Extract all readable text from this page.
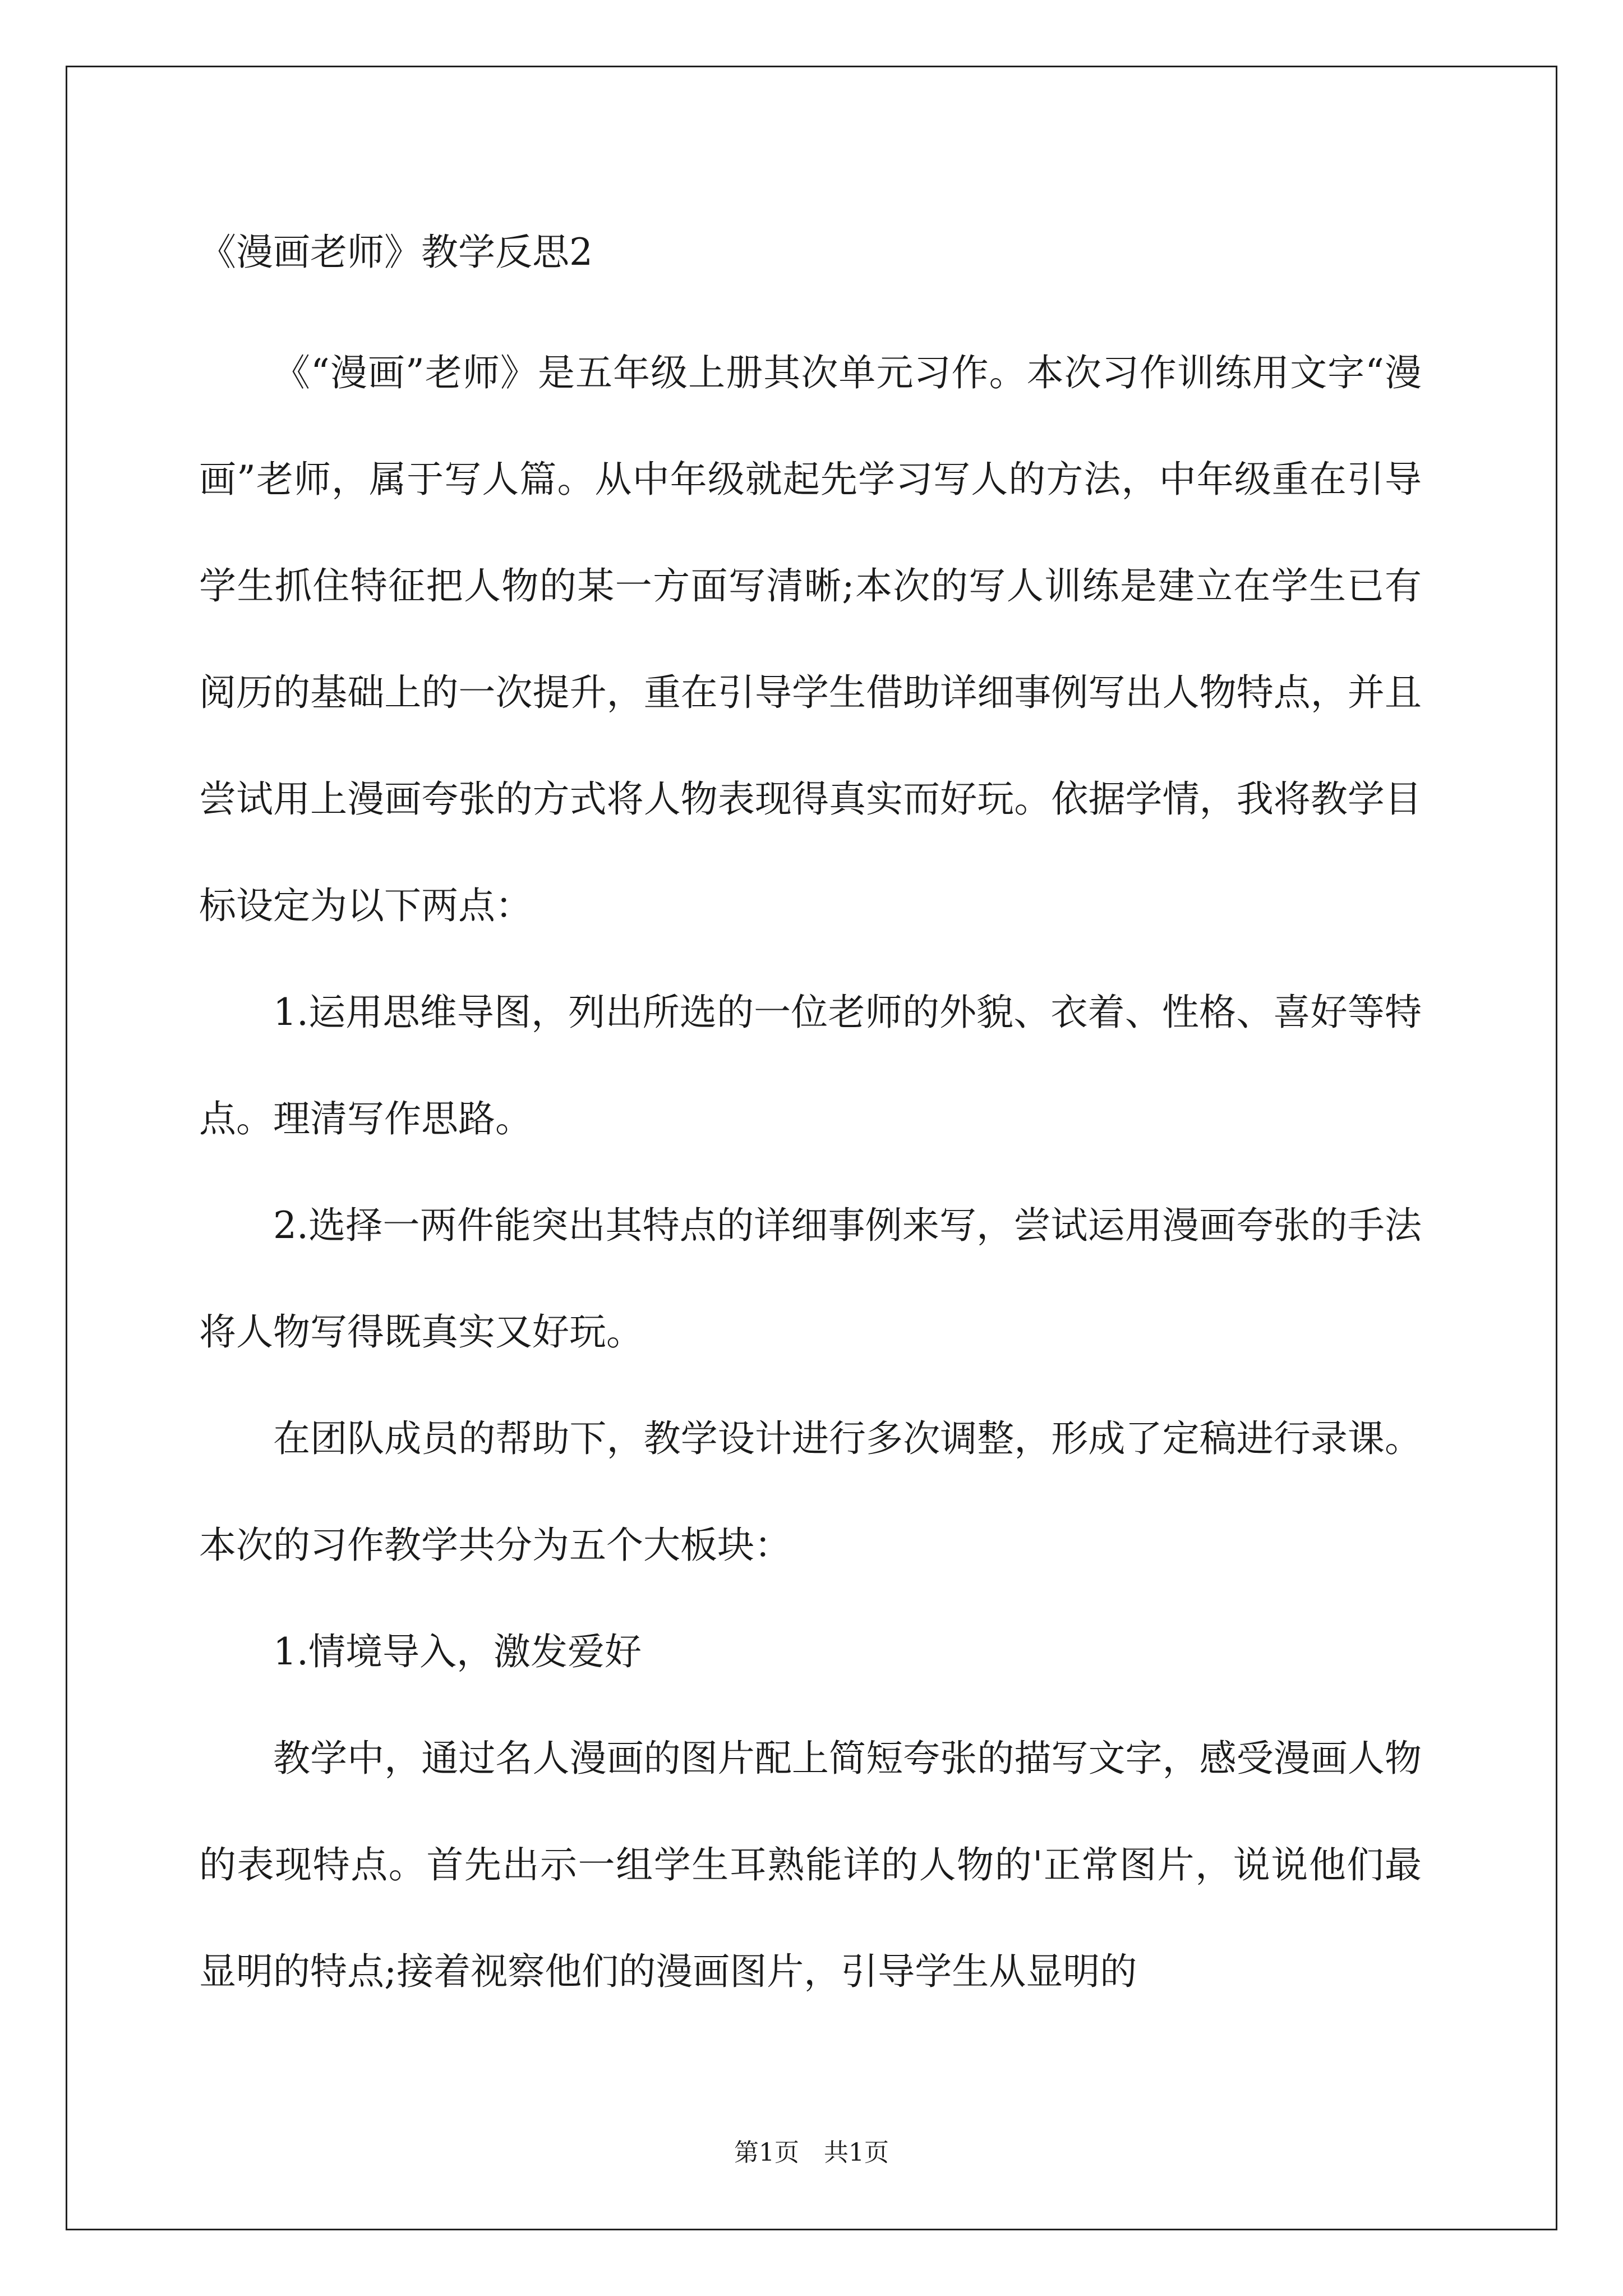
《漫画老师》教学反思2

《“漫画”老师》是五年级上册其次单元习作。本次习作训练用文字“漫画”老师，属于写人篇。从中年级就起先学习写人的方法，中年级重在引导学生抓住特征把人物的某一方面写清晰;本次的写人训练是建立在学生已有阅历的基础上的一次提升，重在引导学生借助详细事例写出人物特点，并且尝试用上漫画夸张的方式将人物表现得真实而好玩。依据学情，我将教学目标设定为以下两点：

1.运用思维导图，列出所选的一位老师的外貌、衣着、性格、喜好等特点。理清写作思路。

2.选择一两件能突出其特点的详细事例来写，尝试运用漫画夸张的手法将人物写得既真实又好玩。

在团队成员的帮助下，教学设计进行多次调整，形成了定稿进行录课。本次的习作教学共分为五个大板块：

1.情境导入，激发爱好

教学中，通过名人漫画的图片配上简短夸张的描写文字，感受漫画人物的表现特点。首先出示一组学生耳熟能详的人物的'正常图片，说说他们最显明的特点;接着视察他们的漫画图片，引导学生从显明的

第1页　共1页
